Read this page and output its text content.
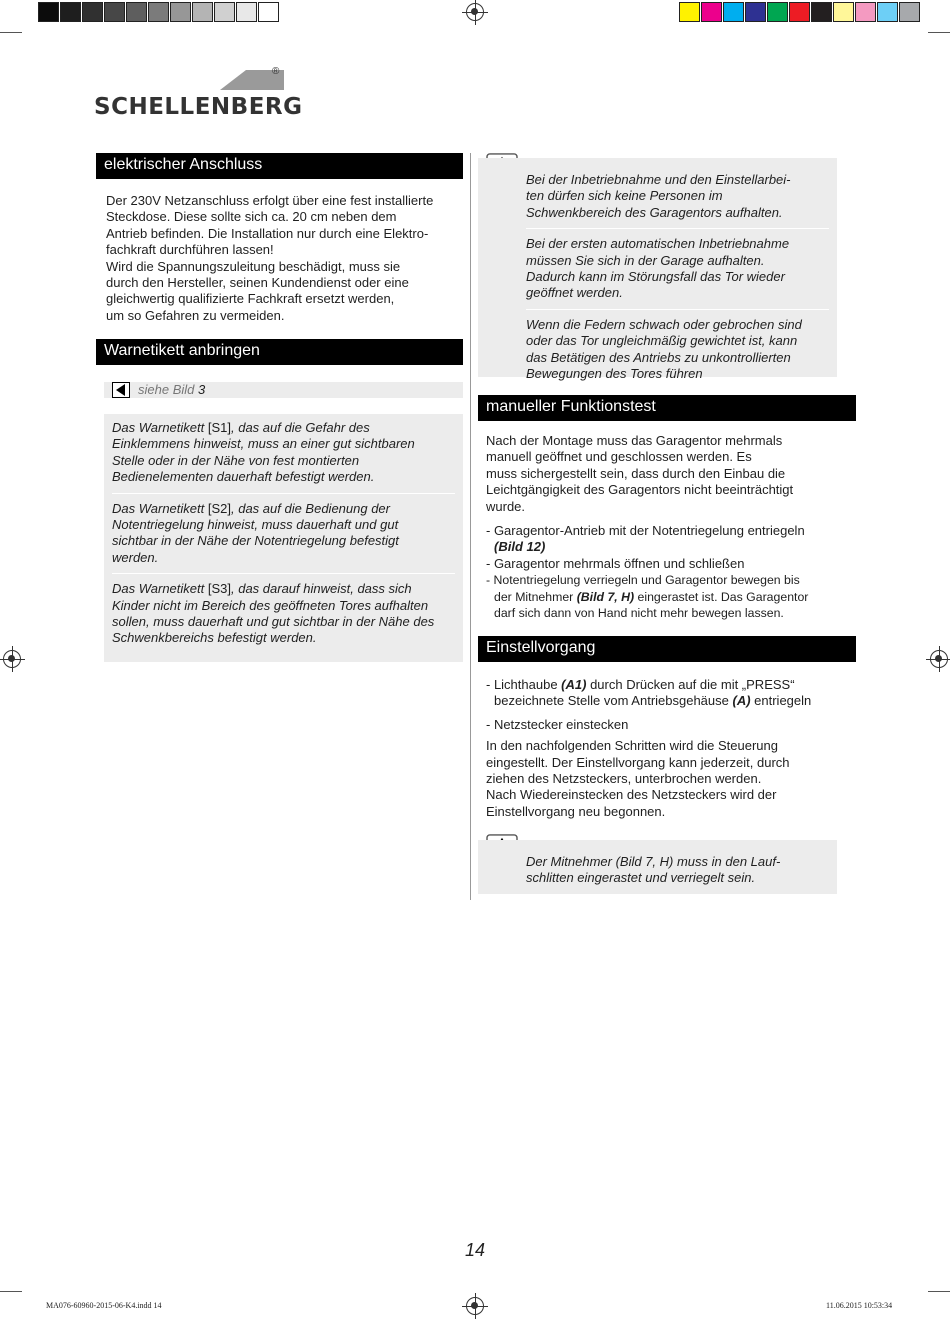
®
SCHELLENBERG
elektrischer Anschluss
Der 230V Netzanschluss erfolgt über eine fest installierte
Steckdose. Diese sollte sich ca. 20 cm neben dem
Antrieb befinden. Die Installation nur durch eine Elektro-
fachkraft durchführen lassen!
Wird die Spannungszuleitung beschädigt, muss sie
durch den Hersteller, seinen Kundendienst oder eine
gleichwertig qualifizierte Fachkraft ersetzt werden,
um so Gefahren zu vermeiden.
Warnetikett anbringen
siehe Bild 3
Das Warnetikett [S1], das auf die Gefahr des
Einklemmens hinweist, muss an einer gut sichtbaren
Stelle oder in der Nähe von fest montierten
Bedienelementen dauerhaft befestigt werden.
Das Warnetikett [S2], das auf die Bedienung der
Notentriegelung hinweist, muss dauerhaft und gut
sichtbar in der Nähe der Notentriegelung befestigt
werden.
Das Warnetikett [S3], das darauf hinweist, dass sich
Kinder nicht im Bereich des geöffneten Tores aufhalten
sollen, muss dauerhaft und gut sichtbar in der Nähe des
Schwenkbereichs befestigt werden.
Bei der Inbetriebnahme und den Einstellarbei-
ten dürfen sich keine Personen im
Schwenkbereich des Garagentors aufhalten.
Bei der ersten automatischen Inbetriebnahme
müssen Sie sich in der Garage aufhalten.
Dadurch kann im Störungsfall das Tor wieder
geöffnet werden.
Wenn die Federn schwach oder gebrochen sind
oder das Tor ungleichmäßig gewichtet ist, kann
das Betätigen des Antriebs zu unkontrollierten
Bewegungen des Tores führen
manueller Funktionstest
Nach der Montage muss das Garagentor mehrmals
manuell geöffnet und geschlossen werden. Es
muss sichergestellt sein, dass durch den Einbau die
Leichtgängigkeit des Garagentors nicht beeinträchtigt
wurde.
- Garagentor-Antrieb mit der Notentriegelung entriegeln
(Bild 12)
- Garagentor mehrmals öffnen und schließen
- Notentriegelung verriegeln und Garagentor bewegen bis
der Mitnehmer (Bild 7, H) eingerastet ist. Das Garagentor
darf sich dann von Hand nicht mehr bewegen lassen.
Einstellvorgang
- Lichthaube (A1) durch Drücken auf die mit „PRESS“
bezeichnete Stelle vom Antriebsgehäuse (A) entriegeln
- Netzstecker einstecken
In den nachfolgenden Schritten wird die Steuerung
eingestellt. Der Einstellvorgang kann jederzeit, durch
ziehen des Netzsteckers, unterbrochen werden.
Nach Wiedereinstecken des Netzsteckers wird der
Einstellvorgang neu begonnen.
Der Mitnehmer (Bild 7, H) muss in den Lauf-
schlitten eingerastet und verriegelt sein.
14
MA076-60960-2015-06-K4.indd 14	11.06.2015 10:53:34
